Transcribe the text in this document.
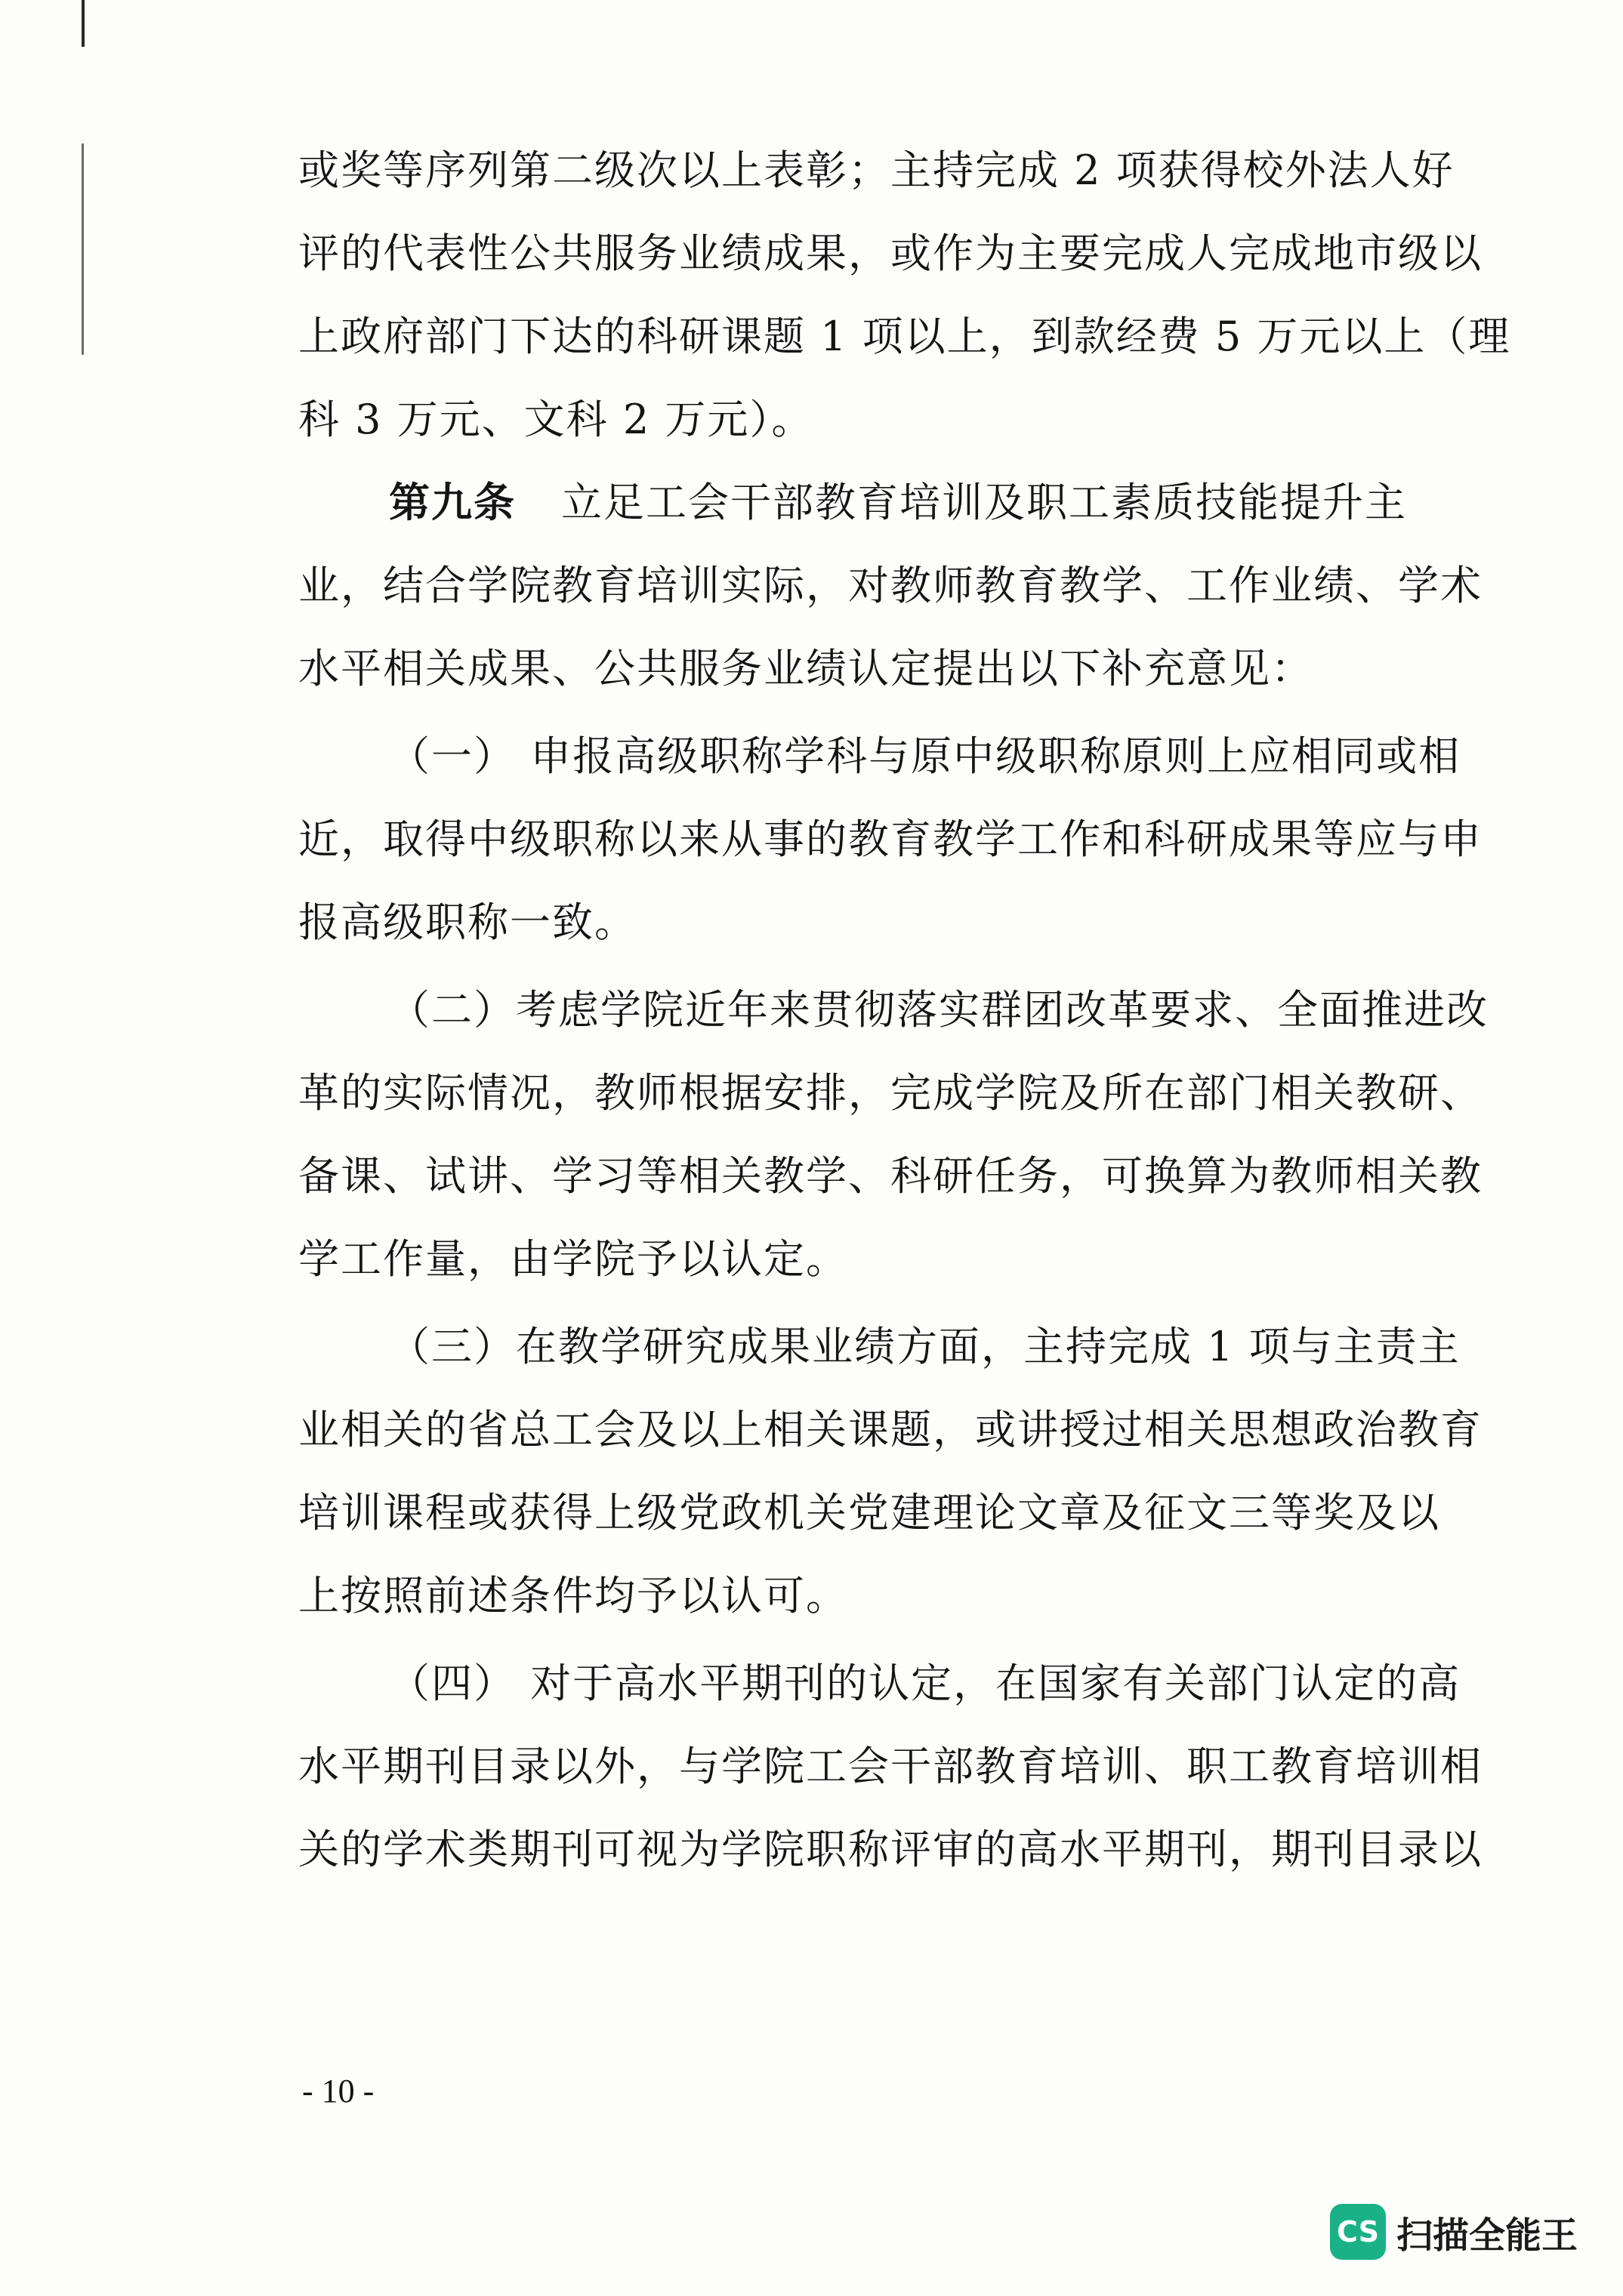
或奖等序列第二级次以上表彰；主持完成 2 项获得校外法人好
评的代表性公共服务业绩成果，或作为主要完成人完成地市级以
上政府部门下达的科研课题 1 项以上，到款经费 5 万元以上（理
科 3 万元、文科 2 万元）。
第九条 立足工会干部教育培训及职工素质技能提升主
业，结合学院教育培训实际，对教师教育教学、工作业绩、学术
水平相关成果、公共服务业绩认定提出以下补充意见：
（一） 申报高级职称学科与原中级职称原则上应相同或相
近，取得中级职称以来从事的教育教学工作和科研成果等应与申
报高级职称一致。
（二）考虑学院近年来贯彻落实群团改革要求、全面推进改
革的实际情况，教师根据安排，完成学院及所在部门相关教研、
备课、试讲、学习等相关教学、科研任务，可换算为教师相关教
学工作量，由学院予以认定。
（三）在教学研究成果业绩方面，主持完成 1 项与主责主
业相关的省总工会及以上相关课题，或讲授过相关思想政治教育
培训课程或获得上级党政机关党建理论文章及征文三等奖及以
上按照前述条件均予以认可。
（四） 对于高水平期刊的认定，在国家有关部门认定的高
水平期刊目录以外，与学院工会干部教育培训、职工教育培训相
关的学术类期刊可视为学院职称评审的高水平期刊，期刊目录以
- 10 -
CS 扫描全能王
